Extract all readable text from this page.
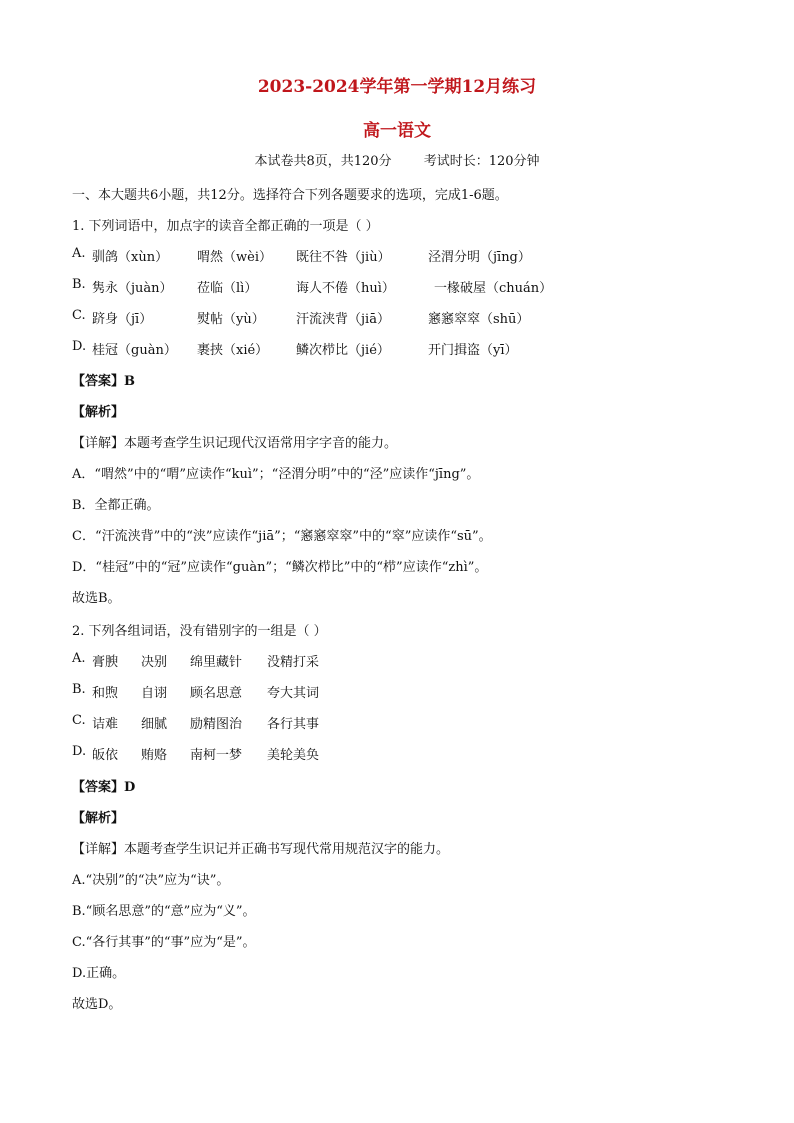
2023-2024学年第一学期12月练习
高一语文
本试卷共8页，共120分 考试时长：120分钟
一、本大题共6小题，共12分。选择符合下列各题要求的选项，完成1-6题。
1. 下列词语中，加点字的读音全都正确的一项是（ ）
A. 驯鸽（xùn） 喟然（wèi） 既往不咎（jiù）	泾渭分明（jīng）
B. 隽永（juàn） 莅临（lì）	诲人不倦（huì）	一椽破屋（chuán）
C. 跻身（jī）	熨帖（yù） 汗流浃背（jiā）	窸窸窣窣（shū）
D. 桂冠（guàn） 裹挟（xié） 鳞次栉比（jié）	开门揖盗（yī）
【答案】B
【解析】
【详解】本题考查学生识记现代汉语常用字字音的能力。
A．“喟然”中的“喟”应读作“kuì”；“泾渭分明”中的“泾”应读作“jīng”。
B．全都正确。
C．“汗流浃背”中的“浃”应读作“jiā”；“窸窸窣窣”中的“窣”应读作“sū”。
D．“桂冠”中的“冠”应读作“guàn”；“鳞次栉比”中的“栉”应读作“zhì”。
故选B。
2. 下列各组词语，没有错别字的一组是（ ）
A. 膏腴 决别 绵里藏针 没精打采
B. 和煦 自诩 顾名思意 夸大其词
C. 诘难 细腻 励精图治 各行其事
D. 皈依 贿赂 南柯一梦 美轮美奂
【答案】D
【解析】
【详解】本题考查学生识记并正确书写现代常用规范汉字的能力。
A.“决别”的“决”应为“诀”。
B.“顾名思意”的“意”应为“义”。
C.“各行其事”的“事”应为“是”。
D.正确。
故选D。
